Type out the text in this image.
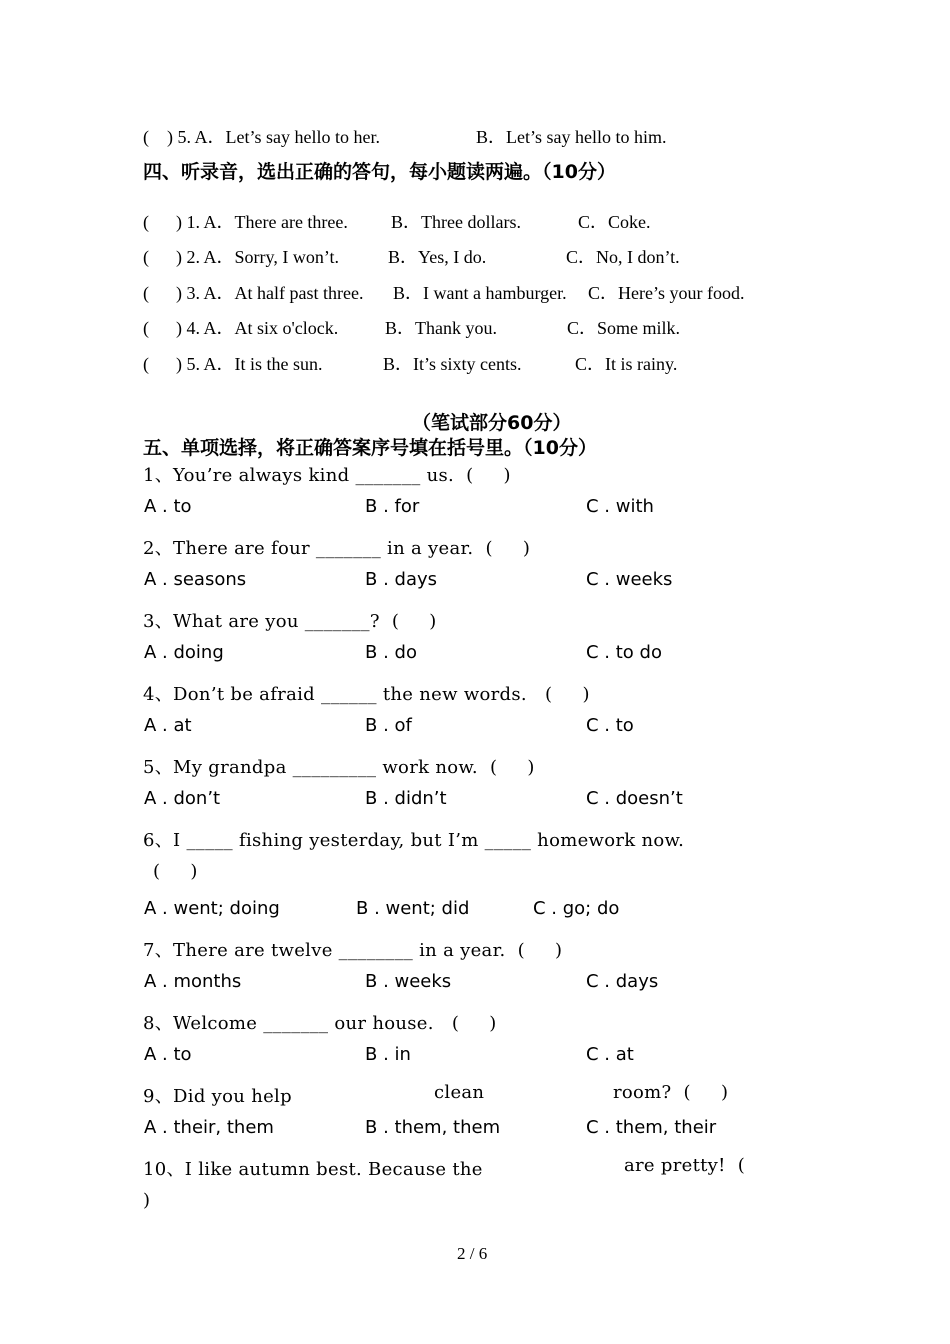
(    ) 5. A．Let’s say hello to her.	B．Let’s say hello to him.
四、听录音，选出正确的答句，每小题读两遍。（10分）
(      ) 1. A．There are three. B．Three dollars.	C．Coke.
(      ) 2. A．Sorry, I won’t.	B．Yes, I do.	C．No, I don’t.
(      ) 3. A．At half past three. B．I want a hamburger. C．Here’s your food.
(      ) 4. A．At six o'clock.	B．Thank you.	C．Some milk.
(      ) 5. A．It is the sun.	B．It’s sixty cents.	C．It is rainy.
（笔试部分60分）
五、单项选择，将正确答案序号填在括号里。（10分）
1、You’re always kind _______ us.  (     )
A . to	B . for	C . with
2、There are four _______ in a year.  (     )
A . seasons	B . days	C . weeks
3、What are you _______?  (     )
A . doing	B . do	C . to do
4、Don’t be afraid ______ the new words.   (     )
A . at	B . of	C . to
5、My grandpa _________ work now.  (     )
A . don’t	B . didn’t	C . doesn’t
6、I _____ fishing yesterday, but I’m _____ homework now.
(     )
A . went; doing	B . went; did	C . go; do
7、There are twelve ________ in a year.  (     )
A . months	B . weeks	C . days
8、Welcome _______ our house.   (     )
A . to	B . in	C . at

9、Did you help

	clean

	room?  (     )

A . their, them	B . them, them	C . them, their

10、I like autumn best. Because the

	are pretty!  (

)
2 / 6
